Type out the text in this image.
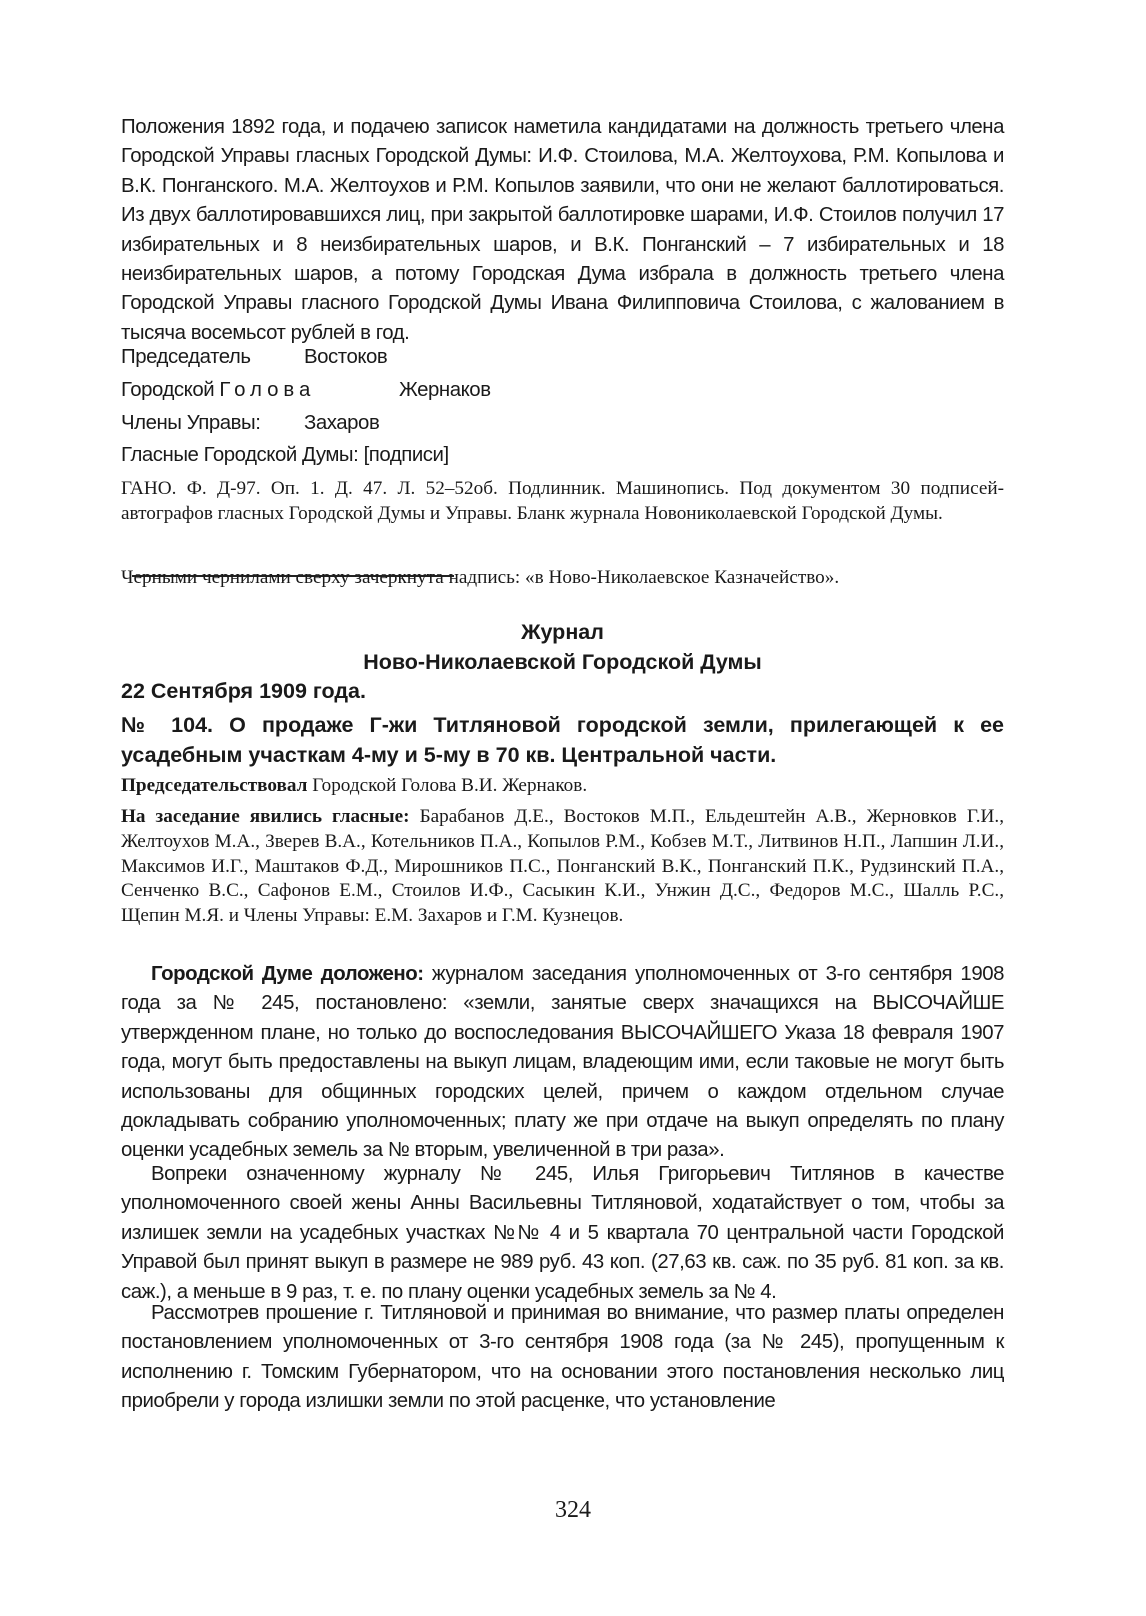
Положения 1892 года, и подачею записок наметила кандидатами на должность третьего члена Городской Управы гласных Городской Думы: И.Ф. Стоилова, М.А. Желтоухова, Р.М. Копылова и В.К. Понганского. М.А. Желтоухов и Р.М. Копылов заявили, что они не желают баллотироваться. Из двух баллотировавшихся лиц, при закрытой баллотировке шарами, И.Ф. Стоилов получил 17 избирательных и 8 неизбирательных шаров, и В.К. Понганский – 7 избирательных и 18 неизбирательных шаров, а потому Городская Дума избрала в должность третьего члена Городской Управы гласного Городской Думы Ивана Филипповича Стоилова, с жалованием в тысяча восемьсот рублей в год.

Председатель	Востоков
Городской Голова	Жернаков
Члены Управы: Захаров
Гласные Городской Думы: [подписи]

ГАНО. Ф. Д-97. Оп. 1. Д. 47. Л. 52–52об. Подлинник. Машинопись. Под документом 30 подписей-автографов гласных Городской Думы и Управы. Бланк журнала Новониколаевской Городской Думы.

Черными чернилами сверху зачеркнута надпись: «в Ново-Николаевское Казначейство».

Журнал

Ново-Николаевской Городской Думы

22 Сентября 1909 года.

№ 104. О продаже Г-жи Титляновой городской земли, прилегающей к ее усадебным участкам 4-му и 5-му в 70 кв. Центральной части.

Председательствовал Городской Голова В.И. Жернаков.

На заседание явились гласные: Барабанов Д.Е., Востоков М.П., Ельдештейн А.В., Жерновков Г.И., Желтоухов М.А., Зверев В.А., Котельников П.А., Копылов Р.М., Кобзев М.Т., Литвинов Н.П., Лапшин Л.И., Максимов И.Г., Маштаков Ф.Д., Мирошников П.С., Понганский В.К., Понганский П.К., Рудзинский П.А., Сенченко В.С., Сафонов Е.М., Стоилов И.Ф., Сасыкин К.И., Унжин Д.С., Федоров М.С., Шалль Р.С., Щепин М.Я. и Члены Управы: Е.М. Захаров и Г.М. Кузнецов.

Городской Думе доложено: журналом заседания уполномоченных от 3-го сентября 1908 года за № 245, постановлено: «земли, занятые сверх значащихся на ВЫСОЧАЙШЕ утвержденном плане, но только до воспоследования ВЫСОЧАЙШЕГО Указа 18 февраля 1907 года, могут быть предоставлены на выкуп лицам, владеющим ими, если таковые не могут быть использованы для общинных городских целей, причем о каждом отдельном случае докладывать собранию уполномоченных; плату же при отдаче на выкуп определять по плану оценки усадебных земель за № вторым, увеличенной в три раза».

Вопреки означенному журналу № 245, Илья Григорьевич Титлянов в качестве уполномоченного своей жены Анны Васильевны Титляновой, ходатайствует о том, чтобы за излишек земли на усадебных участках №№ 4 и 5 квартала 70 центральной части Городской Управой был принят выкуп в размере не 989 руб. 43 коп. (27,63 кв. саж. по 35 руб. 81 коп. за кв. саж.), а меньше в 9 раз, т. е. по плану оценки усадебных земель за № 4.

Рассмотрев прошение г. Титляновой и принимая во внимание, что размер платы определен постановлением уполномоченных от 3-го сентября 1908 года (за № 245), пропущенным к исполнению г. Томским Губернатором, что на основании этого постановления несколько лиц приобрели у города излишки земли по этой расценке, что установление

324
